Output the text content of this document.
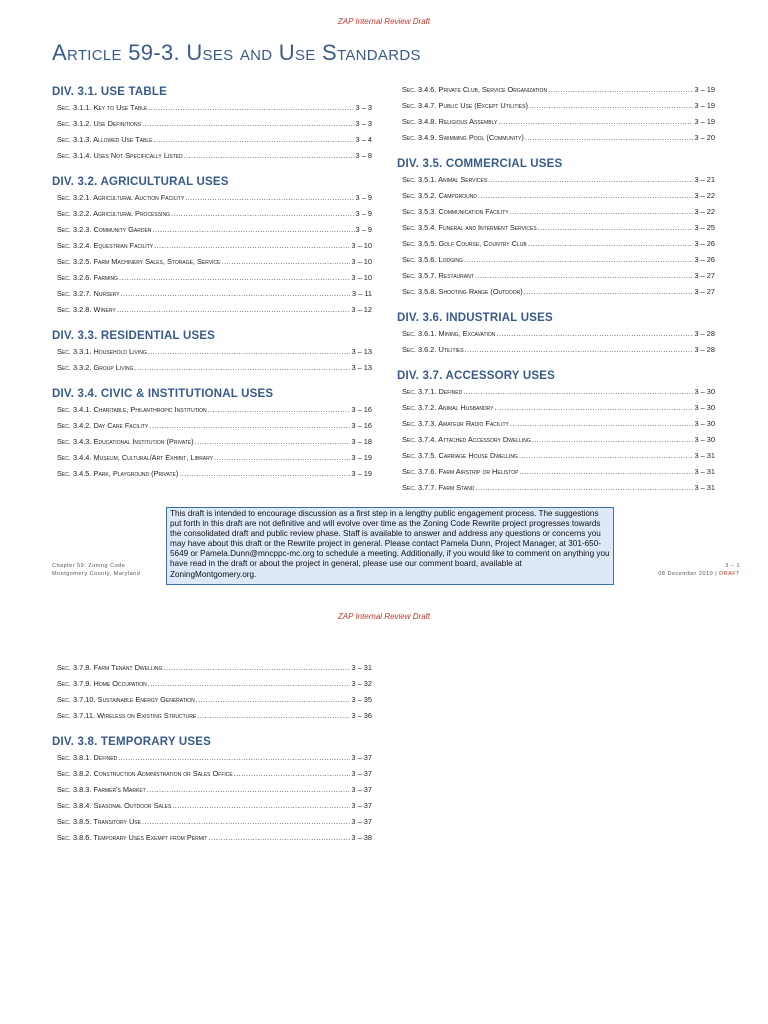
ZAP Internal Review Draft
Article 59-3. Uses and Use Standards
DIV. 3.1. USE TABLE
Sec. 3.1.1. Key to Use Table .....	3 – 3
Sec. 3.1.2. Use Definitions .....	3 – 3
Sec. 3.1.3. Allowed Use Table .....	3 – 4
Sec. 3.1.4. Uses Not Specifically Listed .....	3 – 8
DIV. 3.2. AGRICULTURAL USES
Sec. 3.2.1. Agricultural Auction Facility .....	3 – 9
Sec. 3.2.2. Agricultural Processing .....	3 – 9
Sec. 3.2.3. Community Garden .....	3 – 9
Sec. 3.2.4. Equestrian Facility .....	3 – 10
Sec. 3.2.5. Farm Machinery Sales, Storage, Service .....	3 – 10
Sec. 3.2.6. Farming .....	3 – 10
Sec. 3.2.7. Nursery .....	3 – 11
Sec. 3.2.8. Winery .....	3 – 12
DIV. 3.3. RESIDENTIAL USES
Sec. 3.3.1. Household Living .....	3 – 13
Sec. 3.3.2. Group Living .....	3 – 13
DIV. 3.4. CIVIC & INSTITUTIONAL USES
Sec. 3.4.1. Charitable, Philanthropic Institution .....	3 – 16
Sec. 3.4.2. Day Care Facility .....	3 – 16
Sec. 3.4.3. Educational Institution (Private) .....	3 – 18
Sec. 3.4.4. Museum, Cultural/Art Exhibit, Library .....	3 – 19
Sec. 3.4.5. Park, Playground (Private) .....	3 – 19
Sec. 3.4.6. Private Club, Service Organization .....	3 – 19
Sec. 3.4.7. Public Use (Except Utilities) .....	3 – 19
Sec. 3.4.8. Religious Assembly .....	3 – 19
Sec. 3.4.9. Swimming Pool (Community) .....	3 – 20
DIV. 3.5. COMMERCIAL USES
Sec. 3.5.1. Animal Services .....	3 – 21
Sec. 3.5.2. Campground .....	3 – 22
Sec. 3.5.3. Communication Facility .....	3 – 22
Sec. 3.5.4. Funeral and Interment Services .....	3 – 25
Sec. 3.5.5. Golf Course, Country Club .....	3 – 26
Sec. 3.5.6. Lodging .....	3 – 26
Sec. 3.5.7. Restaurant .....	3 – 27
Sec. 3.5.8. Shooting Range (Outdoor) .....	3 – 27
DIV. 3.6. INDUSTRIAL USES
Sec. 3.6.1. Mining, Excavation .....	3 – 28
Sec. 3.6.2. Utilities .....	3 – 28
DIV. 3.7. ACCESSORY USES
Sec. 3.7.1. Defined .....	3 – 30
Sec. 3.7.2. Animal Husbandry .....	3 – 30
Sec. 3.7.3. Amateur Radio Facility .....	3 – 30
Sec. 3.7.4. Attached Accessory Dwelling .....	3 – 30
Sec. 3.7.5. Carriage House Dwelling .....	3 – 31
Sec. 3.7.6. Farm Airstrip or Helistop .....	3 – 31
Sec. 3.7.7. Farm Stand .....	3 – 31
This draft is intended to encourage discussion as a first step in a lengthy public engagement process. The suggestions put forth in this draft are not definitive and will evolve over time as the Zoning Code Rewrite project progresses towards the consolidated draft and public review phase. Staff is available to answer and address any questions or concerns you may have about this draft or the Rewrite project in general. Please contact Pamela Dunn, Project Manager, at 301-650-5649 or Pamela.Dunn@mncppc-mc.org to schedule a meeting. Additionally, if you would like to comment on anything you have read in the draft or about the project in general, please use our comment board, available at ZoningMontgomery.org.
Chapter 59: Zoning Code
Montgomery County, Maryland
3 – 1
08 December 2010 | DRAFT
ZAP Internal Review Draft
Sec. 3.7.8. Farm Tenant Dwelling .....	3 – 31
Sec. 3.7.9. Home Occupation .....	3 – 32
Sec. 3.7.10. Sustainable Energy Generation .....	3 – 35
Sec. 3.7.11. Wireless on Existing Structure .....	3 – 36
DIV. 3.8. TEMPORARY USES
Sec. 3.8.1. Defined .....	3 – 37
Sec. 3.8.2. Construction Administration or Sales Office .....	3 – 37
Sec. 3.8.3. Farmer's Market .....	3 – 37
Sec. 3.8.4. Seasonal Outdoor Sales .....	3 – 37
Sec. 3.8.5. Transitory Use .....	3 – 37
Sec. 3.8.6. Temporary Uses Exempt from Permit .....	3 – 38
